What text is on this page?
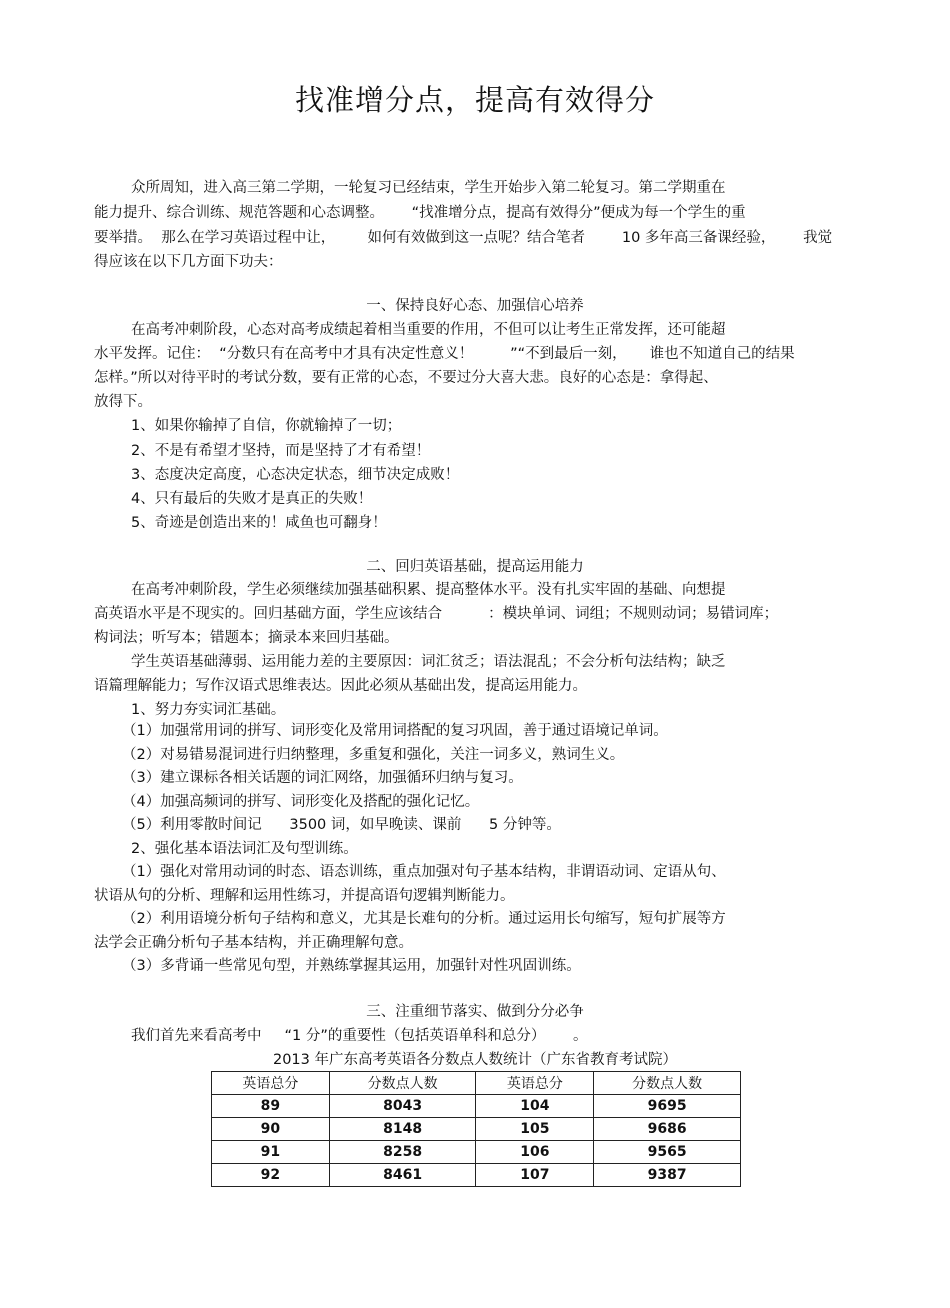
找准增分点，提高有效得分
众所周知，进入高三第二学期，一轮复习已经结束，学生开始步入第二轮复习。第二学期重在
能力提升、综合训练、规范答题和心态调整。      “找准增分点，提高有效得分”便成为每一个学生的重
要举措。  那么在学习英语过程中让，       如何有效做到这一点呢？结合笔者        10 多年高三备课经验，      我觉
得应该在以下几方面下功夫：
一、保持良好心态、加强信心培养
在高考冲刺阶段，心态对高考成绩起着相当重要的作用，不但可以让考生正常发挥，还可能超
水平发挥。记住：  “分数只有在高考中才具有决定性意义！        ”“不到最后一刻，     谁也不知道自己的结果
怎样。”所以对待平时的考试分数，要有正常的心态，不要过分大喜大悲。良好的心态是：拿得起、
放得下。
1、如果你输掉了自信，你就输掉了一切；
2、不是有希望才坚持，而是坚持了才有希望！
3、态度决定高度，心态决定状态，细节决定成败！
4、只有最后的失败才是真正的失败！
5、奇迹是创造出来的！咸鱼也可翻身！
二、回归英语基础，提高运用能力
在高考冲刺阶段，学生必须继续加强基础积累、提高整体水平。没有扎实牢固的基础、向想提
高英语水平是不现实的。回归基础方面，学生应该结合          ：模块单词、词组；不规则动词；易错词库；
构词法；听写本；错题本；摘录本来回归基础。
学生英语基础薄弱、运用能力差的主要原因：词汇贫乏；语法混乱；不会分析句法结构；缺乏
语篇理解能力；写作汉语式思维表达。因此必须从基础出发，提高运用能力。
1、努力夯实词汇基础。
（1）加强常用词的拼写、词形变化及常用词搭配的复习巩固，善于通过语境记单词。
（2）对易错易混词进行归纳整理，多重复和强化，关注一词多义，熟词生义。
（3）建立课标各相关话题的词汇网络，加强循环归纳与复习。
（4）加强高频词的拼写、词形变化及搭配的强化记忆。
（5）利用零散时间记      3500 词，如早晚读、课前      5 分钟等。
2、强化基本语法词汇及句型训练。
（1）强化对常用动词的时态、语态训练，重点加强对句子基本结构，非谓语动词、定语从句、
状语从句的分析、理解和运用性练习，并提高语句逻辑判断能力。
（2）利用语境分析句子结构和意义，尤其是长难句的分析。通过运用长句缩写，短句扩展等方
法学会正确分析句子基本结构，并正确理解句意。
（3）多背诵一些常见句型，并熟练掌握其运用，加强针对性巩固训练。
三、注重细节落实、做到分分必争
我们首先来看高考中     “1 分”的重要性（包括英语单科和总分）      。
2013 年广东高考英语各分数点人数统计（广东省教育考试院）
英语总分	分数点人数	英语总分	分数点人数
89	8043	104	9695
90	8148	105	9686
91	8258	106	9565
92	8461	107	9387
